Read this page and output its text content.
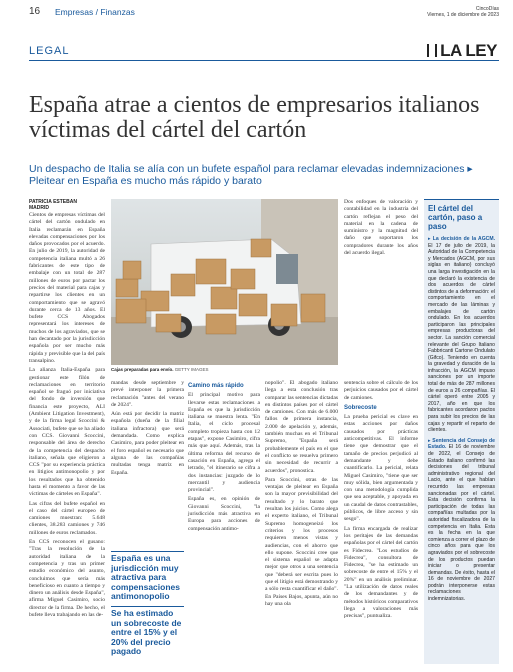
16 Empresas / Finanzas	CincoDías
Viernes, 1 de diciembre de 2023
LEGAL	LA LEY
España atrae a cientos de empresarios italianos víctimas del cártel del cartón
Un despacho de Italia se alía con un bufete español para reclamar elevadas indemnizaciones ▸ Pleitear en España es mucho más rápido y barato
PATRICIA ESTEBAN
MADRID

Cientos de empresas víctimas del cártel del cartón ondulado en Italia reclamarán en España elevadas compensaciones por los daños provocados por el acuerdo. En julio de 2019, la autoridad de competencia italiana multó a 26 fabricantes de este tipo de embalaje con un total de 287 millones de euros por pactar los precios del material para cajas y repartirse los clientes en un comportamiento que se agravó durante cerca de 13 años. El bufete CCS Abogados representará los intereses de muchos de los agraviados, que se han decantado por la jurisdicción española por ser mucho más rápida y previsible que la del país transalpino.

La alianza Italia-España para gestionar este filón de reclamaciones en territorio español se fraguó por iniciativa del fondo de inversión que financia este proyecto, ALI (Ambient Litigation Investment), y de la firma legal Scoccini & Associati, bufete que se ha aliado con CCS. Giovanni Scoccini, responsable del área de derecho de la competencia del despacho italiano, señala que eligieron a CCS "por su experiencia práctica en litigios antimonopolio y por los resultados que ha obtenido hasta el momento a favor de las víctimas de cárteles en España".

Las cifras del bufete español en el caso del cártel europeo de camiones muestran: 5.648 clientes, 38.283 camiones y 746 millones de euros reclamados.

En CCS reconocen el gusano: "Tras la resolución de la autoridad italiana de la competencia y tras un primer estudio económico del asunto, concluimos que sería más beneficioso en cuanto a tiempo y dinero un análisis desde España", afirma Miguel Casimiro, socio director de la firma. De hecho, el bufete lleva trabajando en las de-

Cajas preparadas para envío. GETTY IMAGES

mandas desde septiembre y prevé interponer la primera reclamación "antes del verano de 2024".

Aún está por decidir la matriz española (dueña de la filial italiana infractora) que será demandada. Como explica Casimiro, para poder pleitear en el foro español es necesario que alguna de las compañías multadas tenga matriz en España.

España es una jurisdicción muy atractiva para compensaciones antimonopolio
Se ha estimado un sobrecoste de entre el 15% y el 20% del precio pagado
Camino más rápido

El principal motivo para llevarse estas reclamaciones a España es que la jurisdicción italiana se muestra lenta. "En Italia, el ciclo procesal completo tropieza hasta con 12 etapas", expone Casimiro, cifra más que aquí. Además, tras la última reforma del recurso de casación en España, agrega el letrado, "el itinerario se cifra a dos instancias: juzgado de lo mercantil y audiencia provincial".

España es, en opinión de Giovanni Scoccini, "la jurisdicción más atractiva en Europa para acciones de compensación antimo-

nopolio". El abogado italiano llega a esta conclusión tras comparar las sentencias dictadas en distintos países por el cártel de camiones. Con más de 6.000 fallos de primera instancia, 2.000 de apelación y, además, también muchas en el Tribunal Supremo, "España será probablemente el país en el que el conflicto se resuelva primero sin necesidad de recurrir a acuerdos", pronostica.

Para Scoccini, otras de las ventajas de pleitear en España son la mayor previsibilidad del resultado y lo barato que resultan los juicios. Como alega el experto italiano, el Tribunal Supremo homogeneizó los criterios y los procesos requieren menos vistas y audiencias, con el ahorro que ello supone. Scoccini cree que el sistema español se adapta mejor que otros a una sentencia que "deberá ser escrita pues lo que el litigio está demostrando y a sólo resta cuantificar el daño". En Países Bajos, apunta, aún no hay una ola

Dos enfoques de valoración y contabilidad en la industria del cartón reflejan el peso del material en la cadena de suministro y la magnitud del daño que soportaron los compradores durante los años del acuerdo ilegal.

sentencia sobre el cálculo de los perjuicios causados por el cártel de camiones.

Sobrecoste

La prueba pericial es clave en estas acciones por daños causados por prácticas anticompetitivas. El informe tiene que demostrar que el tamaño de precios perjudicó al demandante y debe cuantificarlo. La pericial, relata Miguel Casimiro, "tiene que ser muy sólida, bien argumentada y con una metodología cumplida que sea aceptable, y apoyada en un caudal de datos contrastables, públicos, de libre acceso y sin sesgo".

La firma encargada de realizar los peritajes de las demandas españolas por el cártel del cartón es Fidecrea. "Los estudios de Fidecrea", consultora de Fidecrea, "se ha estimado un sobrecoste de entre el 15% y el 20%" en un análisis preliminar. "La utilización de datos reales de los demandantes y de métodos históricos comparativos llega a valoraciones más precisas", puntualiza.

El cártel del cartón, paso a paso

▸ La decisión de la AGCM. El 17 de julio de 2019, la Autoridad de la Competencia y Mercados (AGCM, por sus siglas en italiano) concluyó una larga investigación en la que declaró la existencia de dos acuerdos de cártel distintos de a deformación: el comportamiento en el mercado de las láminas y embalajes de cartón ondulado. En los acuerdos participaron las principales empresas productoras del sector. La sanción comercial relevante del Grupo Italiano Fabbricanti Cartone Ondulato (Gifco). Teniendo en cuenta la gravedad y duración de la infracción, la AGCM impuso sanciones por un importe total de más de 287 millones de euros a 26 compañías. El cártel operó entre 2005 y 2017, año en que los fabricantes acordaron pactos para subir los precios de las cajas y repartir el reparto de clientes.

▸ Sentencia del Consejo de Estado. El 16 de noviembre de 2022, el Consejo de Estado italiano confirmó las decisiones del tribunal administrativo regional del Lacio, ante el que habían recurrido las empresas sancionadas por el cártel. Esta decisión confirma la participación de todas las compañías multadas por la autoridad fiscalizadora de la competencia en Italia. Esta es la fecha en la que comienza a correr el plazo de cinco años para que los agraviados por el sobrecoste de los productos puedan iniciar o presentar demandas. De éxito, hasta el 16 de noviembre de 2027 podrán interponerse estas reclamaciones indemnizatorias.
